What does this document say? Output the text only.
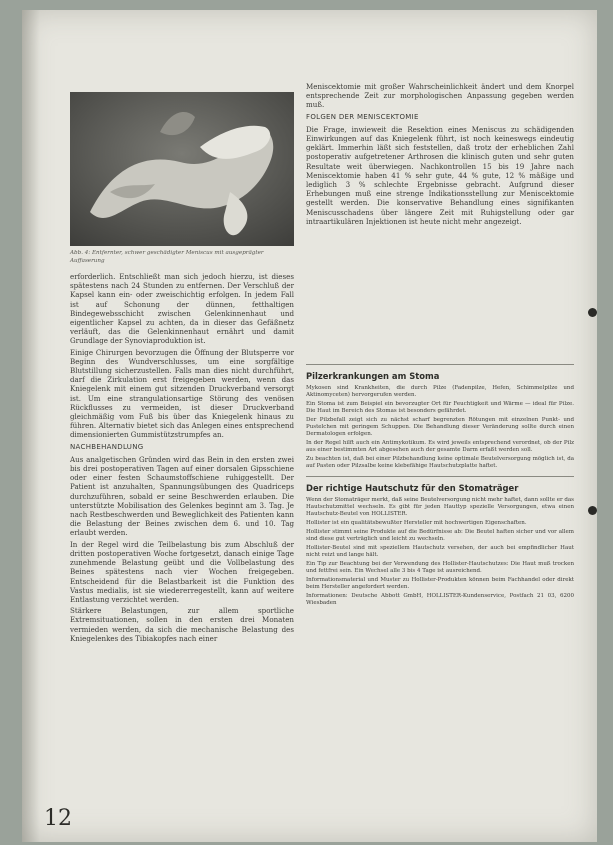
Abb. 4: Entfernter, schwer geschädigter Meniscus mit ausgeprägter Auffaserung

erforderlich. Entschließt man sich jedoch hierzu, ist dieses spätestens nach 24 Stunden zu entfernen. Der Verschluß der Kapsel kann ein- oder zweischichtig erfolgen. In jedem Fall ist auf Schonung der dünnen, fetthaltigen Bindegewebsschicht zwischen Gelenkinnenhaut und eigentlicher Kapsel zu achten, da in dieser das Gefäßnetz verläuft, das die Gelenkinnenhaut ernährt und damit Grundlage der Synoviaproduktion ist.

Einige Chirurgen bevorzugen die Öffnung der Blutsperre vor Beginn des Wundverschlusses, um eine sorgfältige Blutstillung sicherzustellen. Falls man dies nicht durchführt, darf die Zirkulation erst freigegeben werden, wenn das Kniegelenk mit einem gut sitzenden Druckverband versorgt ist. Um eine strangulationsartige Störung des venösen Rückflusses zu vermeiden, ist dieser Druckverband gleichmäßig vom Fuß bis über das Kniegelenk hinaus zu führen. Alternativ bietet sich das Anlegen eines entsprechend dimensionierten Gummistützstrumpfes an.

NACHBEHANDLUNG

Aus analgetischen Gründen wird das Bein in den ersten zwei bis drei postoperativen Tagen auf einer dorsalen Gipsschiene oder einer festen Schaumstoffschiene ruhiggestellt. Der Patient ist anzuhalten, Spannungsübungen des Quadriceps durchzuführen, sobald er seine Beschwerden erlauben. Die unterstützte Mobilisation des Gelenkes beginnt am 3. Tag. Je nach Restbeschwerden und Beweglichkeit des Patienten kann die Belastung der Beines zwischen dem 6. und 10. Tag erlaubt werden.

In der Regel wird die Teilbelastung bis zum Abschluß der dritten postoperativen Woche fortgesetzt, danach einige Tage zunehmende Belastung geübt und die Vollbelastung des Beines spätestens nach vier Wochen freigegeben. Entscheidend für die Belastbarkeit ist die Funktion des Vastus medialis, ist sie wiedererregestellt, kann auf weitere Entlastung verzichtet werden.

Stärkere Belastungen, zur allem sportliche Extremsituationen, sollen in den ersten drei Monaten vermieden werden, da sich die mechanische Belastung des Kniegelenkes des Tibiakopfes nach einer

Meniscektomie mit großer Wahrscheinlichkeit ändert und dem Knorpel entsprechende Zeit zur morphologischen Anpassung gegeben werden muß.

FOLGEN DER MENISCEKTOMIE

Die Frage, inwieweit die Resektion eines Meniscus zu schädigenden Einwirkungen auf das Kniegelenk führt, ist noch keineswegs eindeutig geklärt. Immerhin läßt sich feststellen, daß trotz der erheblichen Zahl postoperativ aufgetretener Arthrosen die klinisch guten und sehr guten Resultate weit überwiegen. Nachkontrollen 15 bis 19 Jahre nach Meniscektomie haben 41 % sehr gute, 44 % gute, 12 % mäßige und lediglich 3 % schlechte Ergebnisse gebracht. Aufgrund dieser Erhebungen muß eine strenge Indikationsstellung zur Meniscektomie gestellt werden. Die konservative Behandlung eines signifikanten Meniscusschadens über längere Zeit mit Ruhigstellung oder gar intraartikulären Injektionen ist heute nicht mehr angezeigt.

Pilzerkrankungen am Stoma

Mykosen sind Krankheiten, die durch Pilze (Fadenpilze, Hefen, Schimmelpilze und Aktinomyceten) hervorgerufen werden.

Ein Stoma ist zum Beispiel ein bevorzugter Ort für Feuchtigkeit und Wärme — ideal für Pilze. Die Haut im Bereich des Stomas ist besonders gefährdet.

Der Pilzbefall zeigt sich zu nächst scharf begrenzten Rötungen mit einzelnen Punkt- und Pustelchen mit geringem Schuppen. Die Behandlung dieser Veränderung sollte durch einen Dermatologen erfolgen.

In der Regel hilft auch ein Antimykotikum. Es wird jeweils entsprechend verordnet, ob der Pilz aus einer bestimmten Art abgesehen auch der gesamte Darm erfaßt werden soll.

Zu beachten ist, daß bei einer Pilzbehandlung keine optimale Beutelversorgung möglich ist, da auf Pasten oder Pilzsalbe keine klebefähige Hautschutzplatte haftet.

Der richtige Hautschutz für den Stomaträger

Wenn der Stomaträger merkt, daß seine Beutelversorgung nicht mehr haftet, dann sollte er das Hautschutzmittel wechseln. Es gibt für jeden Hauttyp spezielle Versorgungen, etwa einen Hautschutz-Beutel von HOLLISTER.

Hollister ist ein qualitätsbewußter Hersteller mit hochwertigen Eigenschaften.

Hollister stimmt seine Produkte auf die Bedürfnisse ab: Die Beutel haften sicher und vor allem sind diese gut verträglich und leicht zu wechseln.

Hollister-Beutel sind mit speziellem Hautschutz versehen, der auch bei empfindlicher Haut nicht reizt und lange hält.

Ein Tip zur Beachtung bei der Verwendung des Hollister-Hautschutzes: Die Haut muß trocken und fettfrei sein. Ein Wechsel alle 3 bis 4 Tage ist ausreichend.

Informationsmaterial und Muster zu Hollister-Produkten können beim Fachhandel oder direkt beim Hersteller angefordert werden.

Informationen: Deutsche Abbott GmbH, HOLLISTER-Kundenservice, Postfach 21 03, 6200 Wiesbaden

12
